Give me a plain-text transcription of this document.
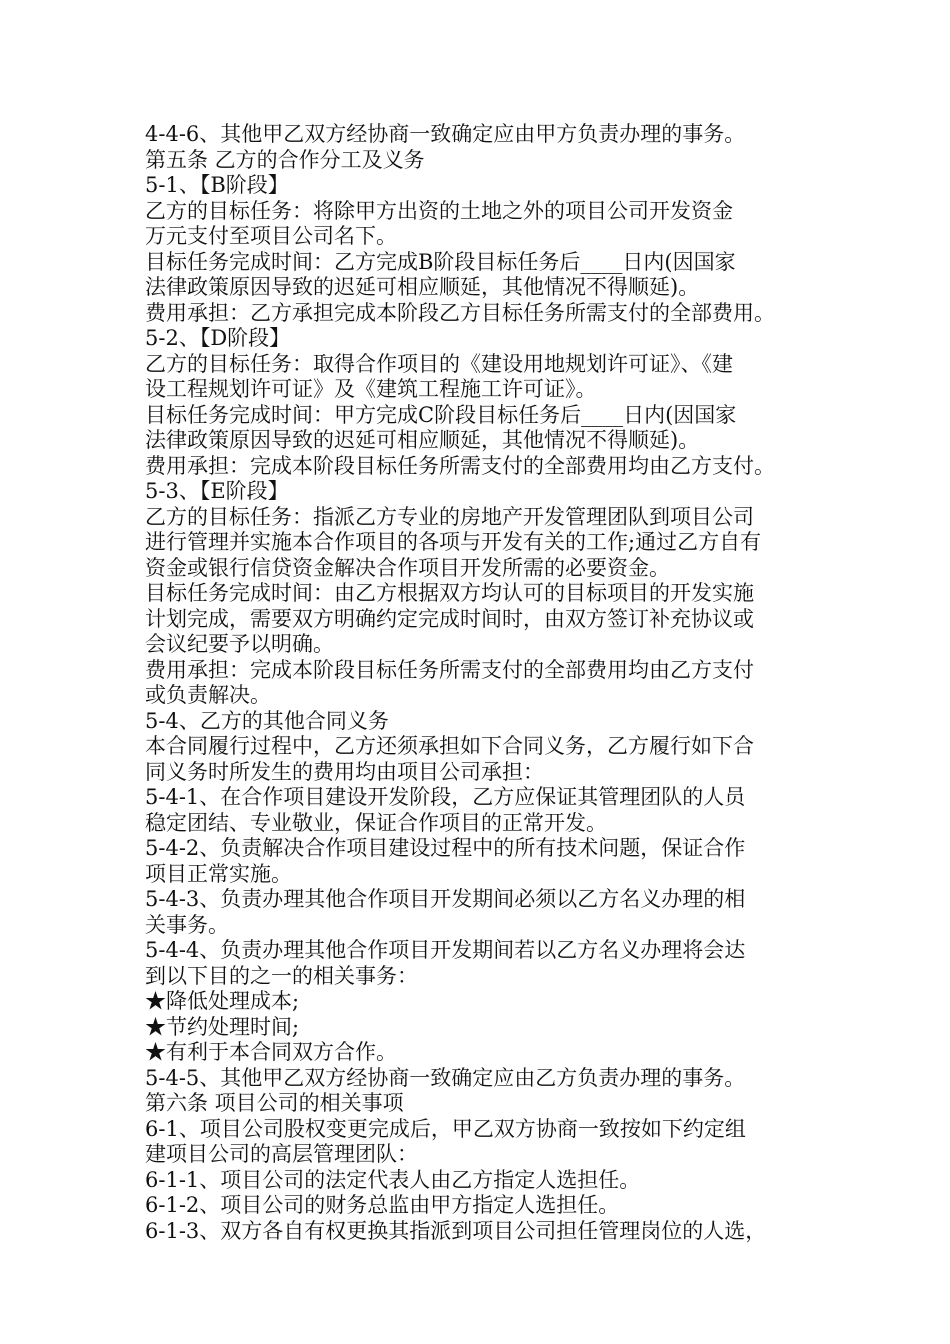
4-4-6、其他甲乙双方经协商一致确定应由甲方负责办理的事务。
第五条 乙方的合作分工及义务
5-1、【B阶段】
乙方的目标任务：将除甲方出资的土地之外的项目公司开发资金
万元支付至项目公司名下。
目标任务完成时间：乙方完成B阶段目标任务后____日内(因国家
法律政策原因导致的迟延可相应顺延，其他情况不得顺延)。
费用承担：乙方承担完成本阶段乙方目标任务所需支付的全部费用。
5-2、【D阶段】
乙方的目标任务：取得合作项目的《建设用地规划许可证》、《建
设工程规划许可证》及《建筑工程施工许可证》。
目标任务完成时间：甲方完成C阶段目标任务后____日内(因国家
法律政策原因导致的迟延可相应顺延，其他情况不得顺延)。
费用承担：完成本阶段目标任务所需支付的全部费用均由乙方支付。
5-3、【E阶段】
乙方的目标任务：指派乙方专业的房地产开发管理团队到项目公司
进行管理并实施本合作项目的各项与开发有关的工作;通过乙方自有
资金或银行信贷资金解决合作项目开发所需的必要资金。
目标任务完成时间：由乙方根据双方均认可的目标项目的开发实施
计划完成，需要双方明确约定完成时间时，由双方签订补充协议或
会议纪要予以明确。
费用承担：完成本阶段目标任务所需支付的全部费用均由乙方支付
或负责解决。
5-4、乙方的其他合同义务
本合同履行过程中，乙方还须承担如下合同义务，乙方履行如下合
同义务时所发生的费用均由项目公司承担：
5-4-1、在合作项目建设开发阶段，乙方应保证其管理团队的人员
稳定团结、专业敬业，保证合作项目的正常开发。
5-4-2、负责解决合作项目建设过程中的所有技术问题，保证合作
项目正常实施。
5-4-3、负责办理其他合作项目开发期间必须以乙方名义办理的相
关事务。
5-4-4、负责办理其他合作项目开发期间若以乙方名义办理将会达
到以下目的之一的相关事务：
★降低处理成本;
★节约处理时间;
★有利于本合同双方合作。
5-4-5、其他甲乙双方经协商一致确定应由乙方负责办理的事务。
第六条 项目公司的相关事项
6-1、项目公司股权变更完成后，甲乙双方协商一致按如下约定组
建项目公司的高层管理团队：
6-1-1、项目公司的法定代表人由乙方指定人选担任。
6-1-2、项目公司的财务总监由甲方指定人选担任。
6-1-3、双方各自有权更换其指派到项目公司担任管理岗位的人选，
